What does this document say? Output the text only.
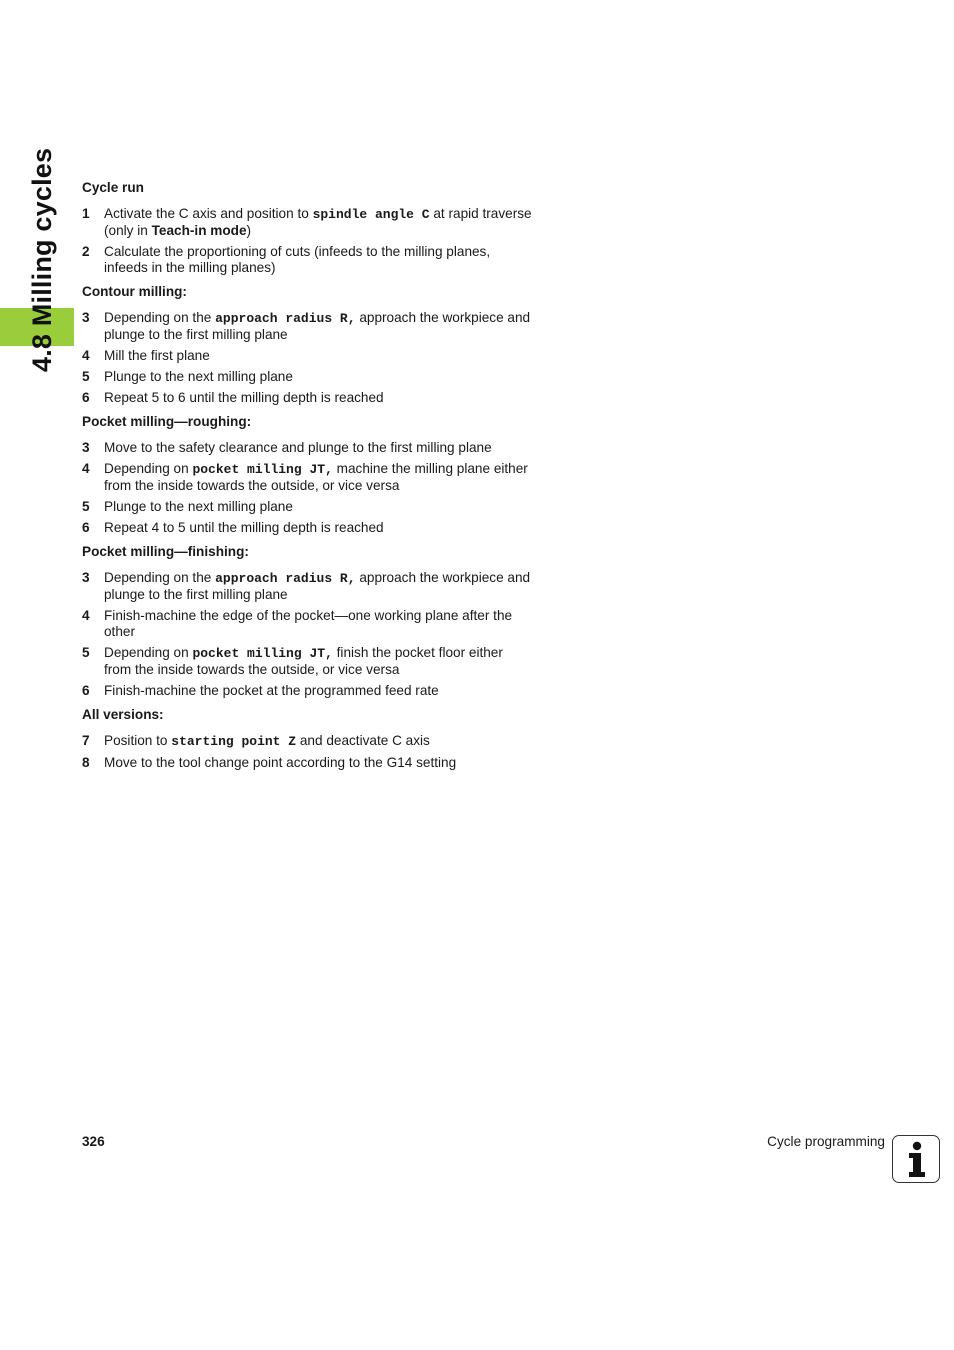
4.8 Milling cycles Cycle run
1 Activate the C axis and position to spindle angle C at rapid traverse (only in Teach-in mode)
2 Calculate the proportioning of cuts (infeeds to the milling planes, infeeds in the milling planes)
Contour milling:
3 Depending on the approach radius R, approach the workpiece and plunge to the first milling plane
4 Mill the first plane
5 Plunge to the next milling plane
6 Repeat 5 to 6 until the milling depth is reached
Pocket milling—roughing:
3 Move to the safety clearance and plunge to the first milling plane
4 Depending on pocket milling JT, machine the milling plane either from the inside towards the outside, or vice versa
5 Plunge to the next milling plane
6 Repeat 4 to 5 until the milling depth is reached
Pocket milling—finishing:
3 Depending on the approach radius R, approach the workpiece and plunge to the first milling plane
4 Finish-machine the edge of the pocket—one working plane after the other
5 Depending on pocket milling JT, finish the pocket floor either from the inside towards the outside, or vice versa
6 Finish-machine the pocket at the programmed feed rate
All versions:
7 Position to starting point Z and deactivate C axis
8 Move to the tool change point according to the G14 setting
326	Cycle programming
